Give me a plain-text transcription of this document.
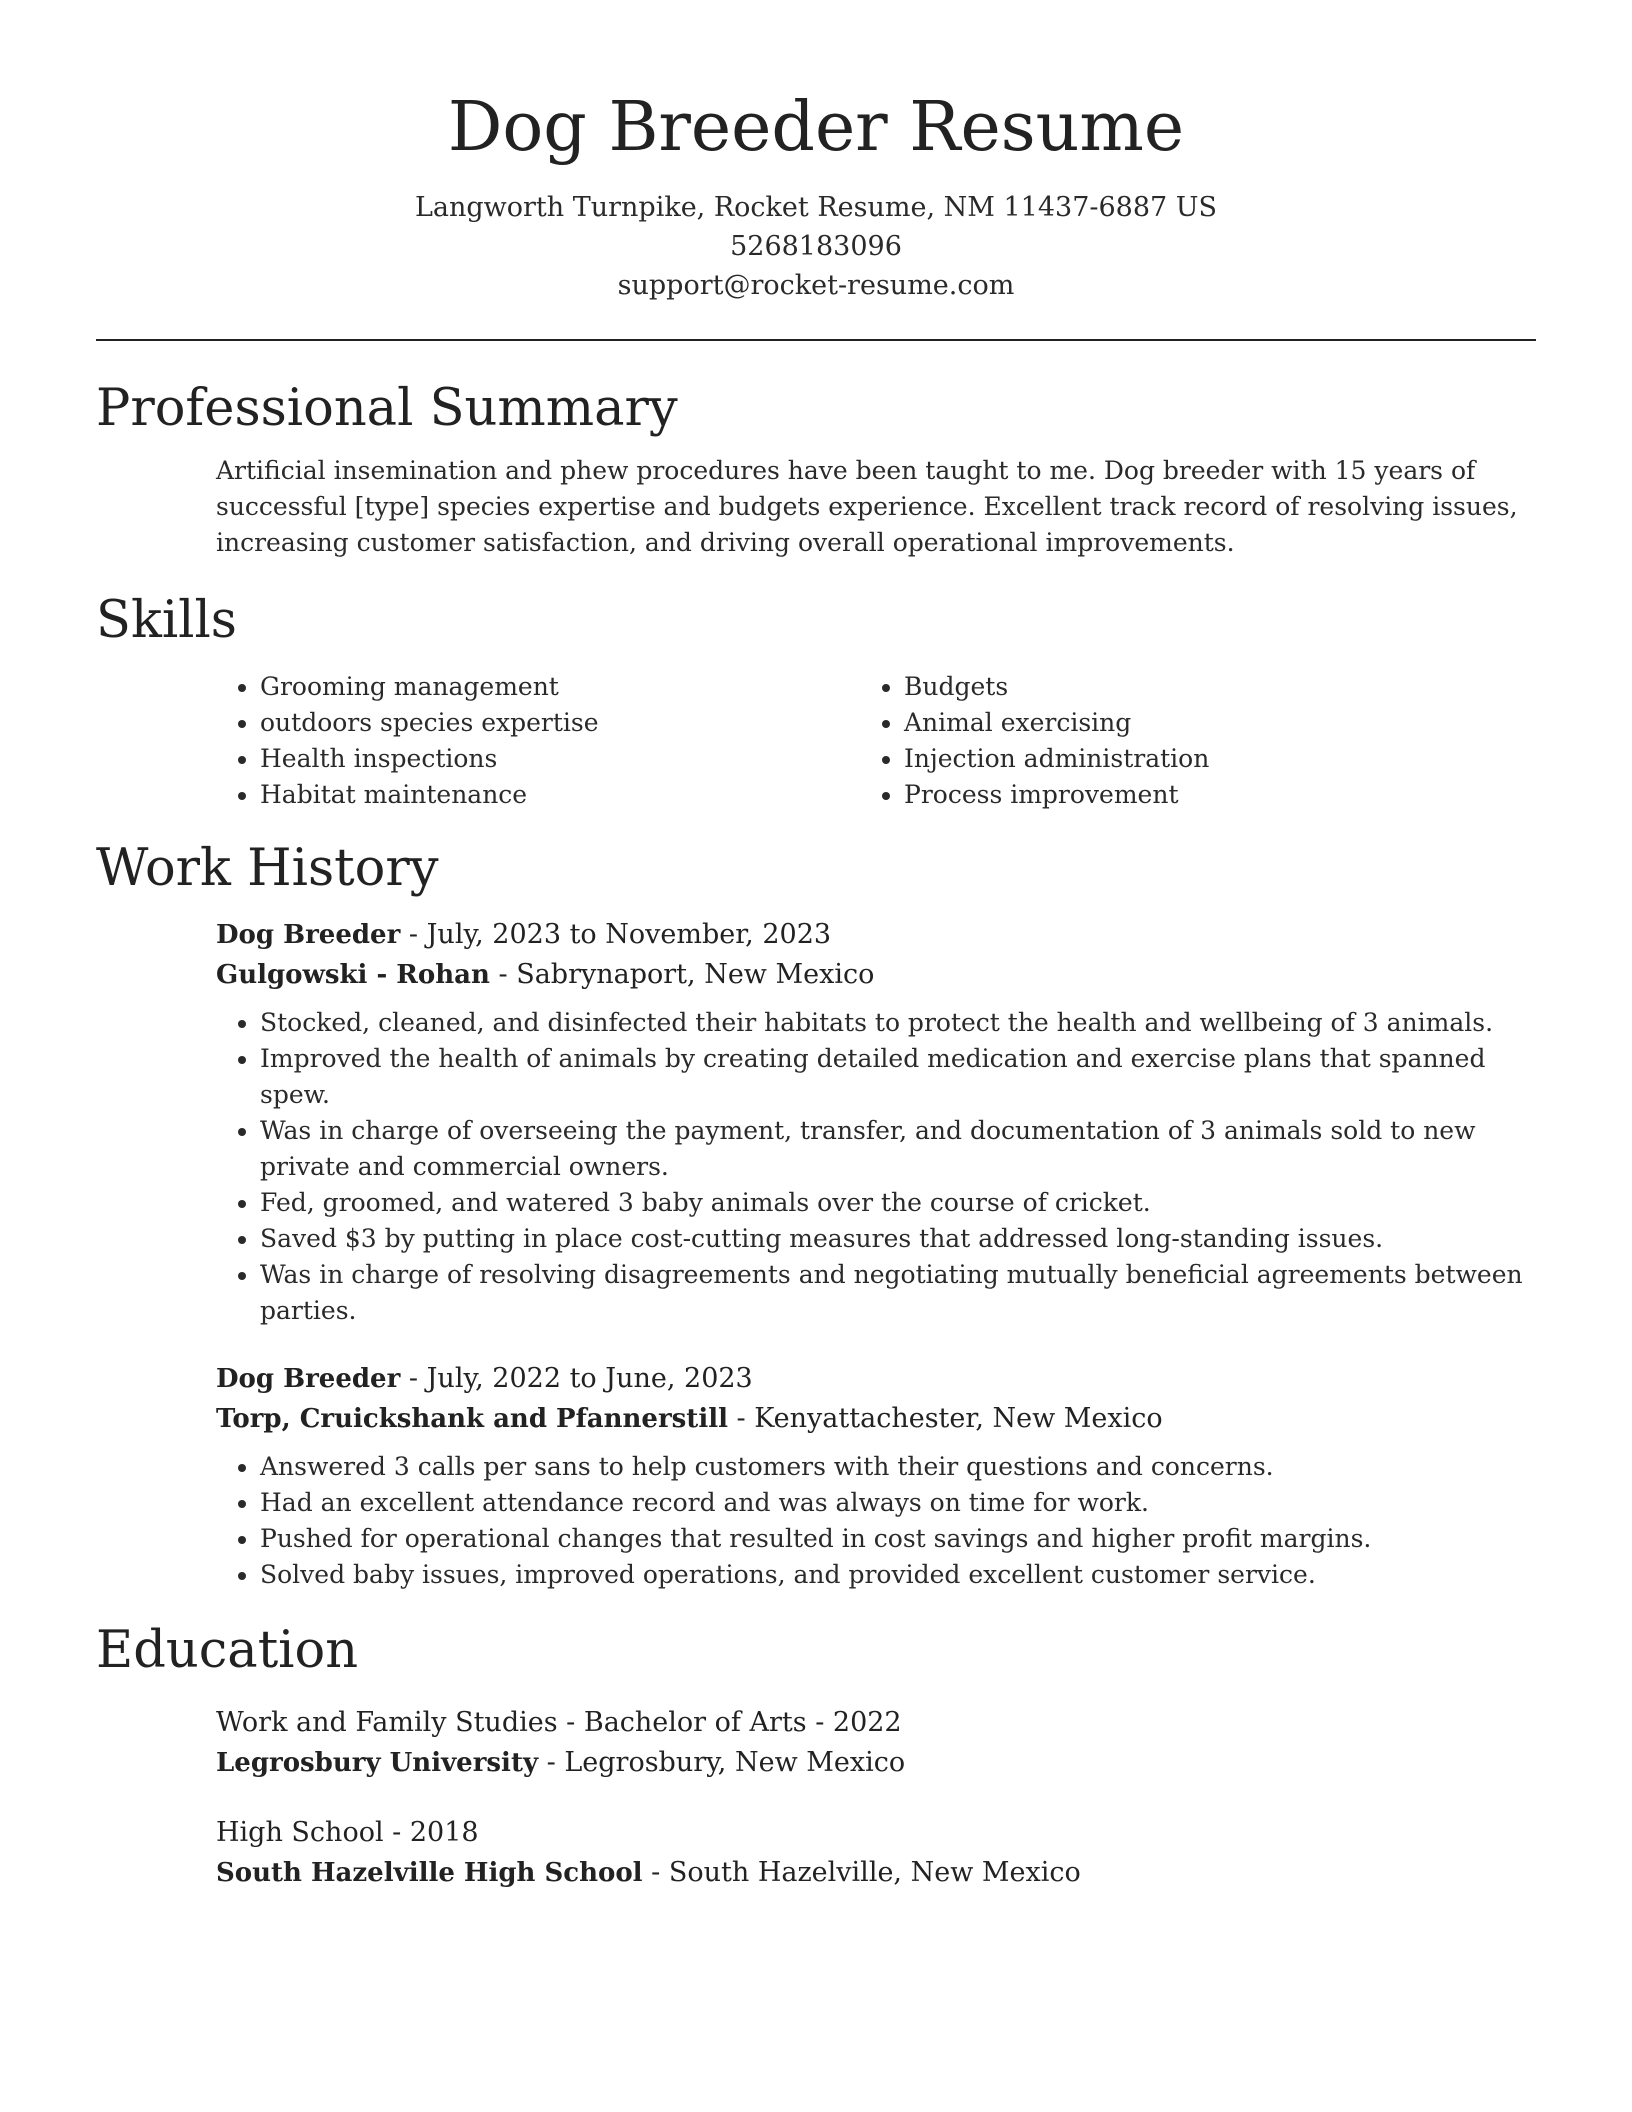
Dog Breeder Resume
Langworth Turnpike, Rocket Resume, NM 11437-6887 US
5268183096
support@rocket-resume.com
Professional Summary

Artificial insemination and phew procedures have been taught to me. Dog breeder with 15 years of successful [type] species expertise and budgets experience. Excellent track record of resolving issues, increasing customer satisfaction, and driving overall operational improvements.

Skills
• Grooming management
• outdoors species expertise
• Health inspections
• Habitat maintenance
• Budgets
• Animal exercising
• Injection administration
• Process improvement
Work History
Dog Breeder - July, 2023 to November, 2023
Gulgowski - Rohan - Sabrynaport, New Mexico
• Stocked, cleaned, and disinfected their habitats to protect the health and wellbeing of 3 animals.
• Improved the health of animals by creating detailed medication and exercise plans that spanned spew.
• Was in charge of overseeing the payment, transfer, and documentation of 3 animals sold to new private and commercial owners.
• Fed, groomed, and watered 3 baby animals over the course of cricket.
• Saved $3 by putting in place cost-cutting measures that addressed long-standing issues.
• Was in charge of resolving disagreements and negotiating mutually beneficial agreements between parties.
Dog Breeder - July, 2022 to June, 2023
Torp, Cruickshank and Pfannerstill - Kenyattachester, New Mexico
• Answered 3 calls per sans to help customers with their questions and concerns.
• Had an excellent attendance record and was always on time for work.
• Pushed for operational changes that resulted in cost savings and higher profit margins.
• Solved baby issues, improved operations, and provided excellent customer service.
Education
Work and Family Studies - Bachelor of Arts - 2022
Legrosbury University - Legrosbury, New Mexico
High School - 2018
South Hazelville High School - South Hazelville, New Mexico
